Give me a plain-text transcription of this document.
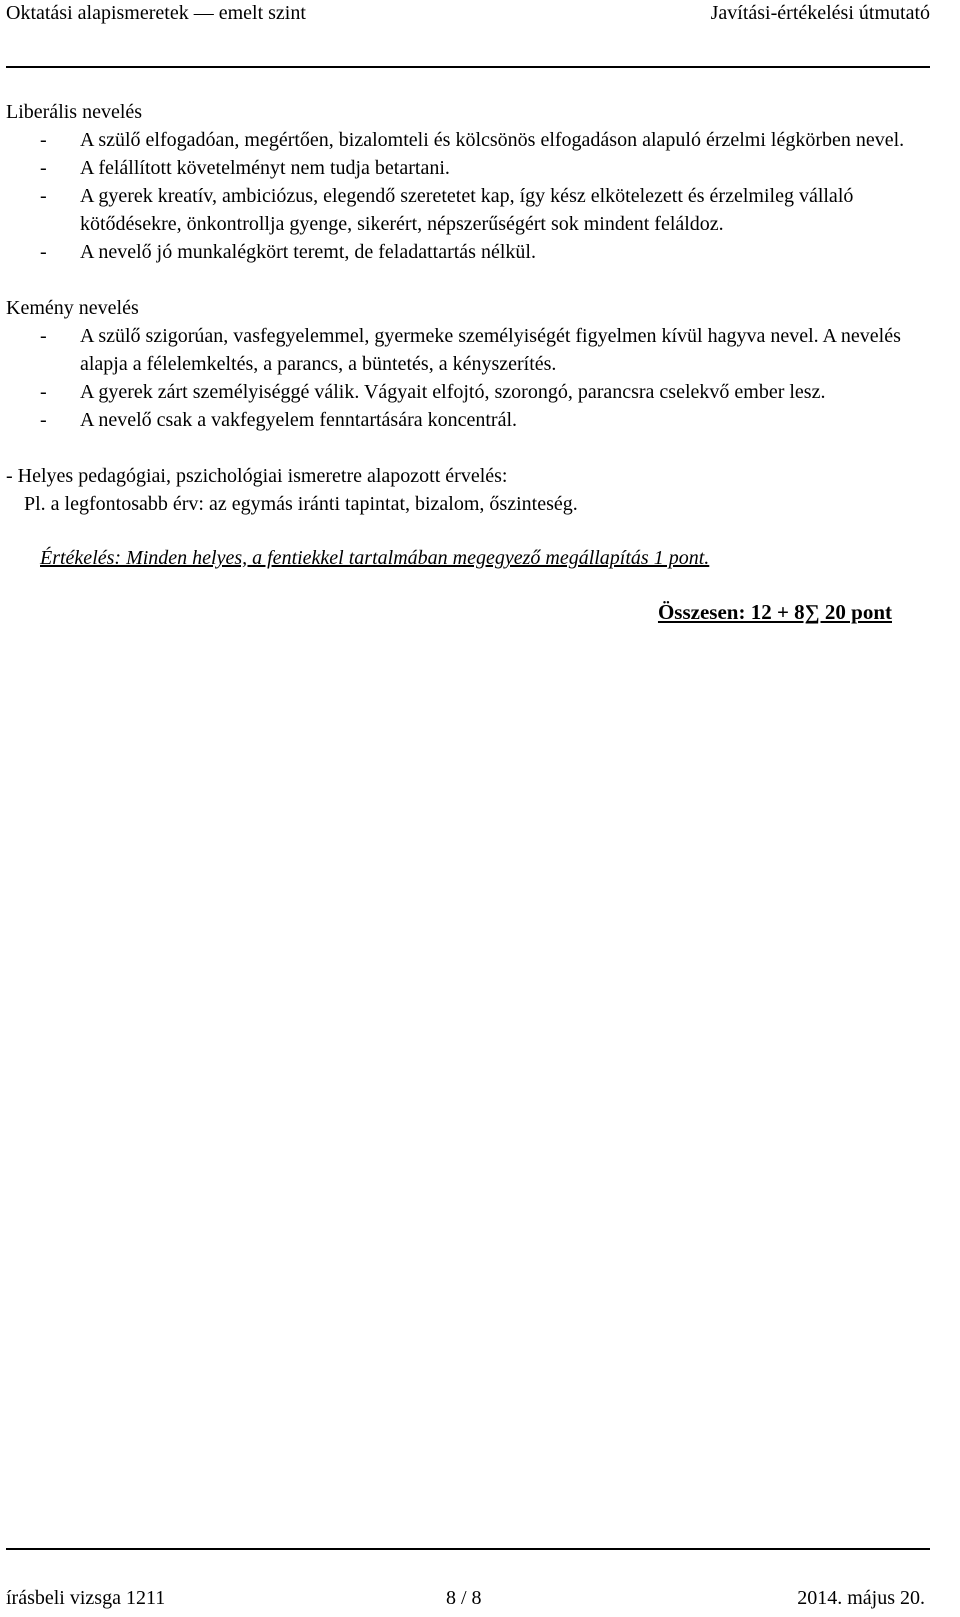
Oktatási alapismeretek — emelt szint	Javítási-értékelési útmutató

Liberális nevelés

- A szülő elfogadóan, megértően, bizalomteli és kölcsönös elfogadáson alapuló érzelmi légkörben nevel.
- A felállított követelményt nem tudja betartani.
- A gyerek kreatív, ambiciózus, elegendő szeretetet kap, így kész elkötelezett és érzelmileg vállaló kötődésekre, önkontrollja gyenge, sikerért, népszerűségért sok mindent feláldoz.
- A nevelő jó munkalégkört teremt, de feladattartás nélkül.

Kemény nevelés

- A szülő szigorúan, vasfegyelemmel, gyermeke személyiségét figyelmen kívül hagyva nevel. A nevelés alapja a félelemkeltés, a parancs, a büntetés, a kényszerítés.
- A gyerek zárt személyiséggé válik. Vágyait elfojtó, szorongó, parancsra cselekvő ember lesz.
- A nevelő csak a vakfegyelem fenntartására koncentrál.

- Helyes pedagógiai, pszichológiai ismeretre alapozott érvelés:

Pl. a legfontosabb érv: az egymás iránti tapintat, bizalom, őszinteség.

Értékelés: Minden helyes, a fentiekkel tartalmában megegyező megállapítás 1 pont.

Összesen: 12 + 8∑ 20 pont

írásbeli vizsga 1211	8 / 8	2014. május 20.
